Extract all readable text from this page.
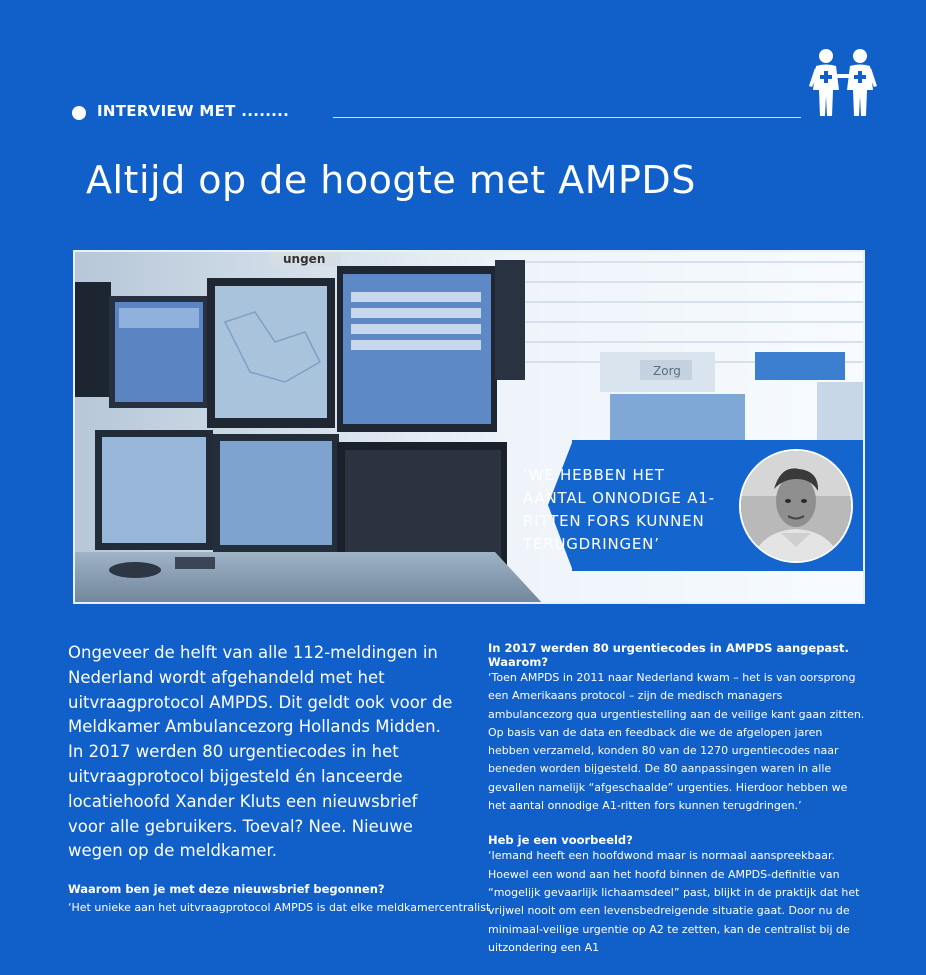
INTERVIEW MET ........
Altijd op de hoogte met AMPDS
ungen
Zorg
‘WE HEBBEN HET AANTAL ONNODIGE A1-RITTEN FORS KUNNEN TERUGDRINGEN’

Ongeveer de helft van alle 112-meldingen in Nederland wordt afgehandeld met het uitvraagprotocol AMPDS. Dit geldt ook voor de Meldkamer Ambulancezorg Hollands Midden. In 2017 werden 80 urgentiecodes in het uitvraagprotocol bijgesteld én lanceerde locatiehoofd Xander Kluts een nieuwsbrief voor alle gebruikers. Toeval? Nee. Nieuwe wegen op de meldkamer.

Waarom ben je met deze nieuwsbrief begonnen?

‘Het unieke aan het uitvraagprotocol AMPDS is dat elke meldkamercentralist

In 2017 werden 80 urgentiecodes in AMPDS aangepast. Waarom?

‘Toen AMPDS in 2011 naar Nederland kwam – het is van oorsprong een Amerikaans protocol – zijn de medisch managers ambulancezorg qua urgentiestelling aan de veilige kant gaan zitten. Op basis van de data en feedback die we de afgelopen jaren hebben verzameld, konden 80 van de 1270 urgentiecodes naar beneden worden bijgesteld. De 80 aanpassingen waren in alle gevallen namelijk “afgeschaalde” urgenties. Hierdoor hebben we het aantal onnodige A1-ritten fors kunnen terugdringen.’

Heb je een voorbeeld?

‘Iemand heeft een hoofdwond maar is normaal aanspreekbaar. Hoewel een wond aan het hoofd binnen de AMPDS-definitie van “mogelijk gevaarlijk lichaamsdeel” past, blijkt in de praktijk dat het vrijwel nooit om een levensbedreigende situatie gaat. Door nu de minimaal-veilige urgentie op A2 te zetten, kan de centralist bij de uitzondering een A1
